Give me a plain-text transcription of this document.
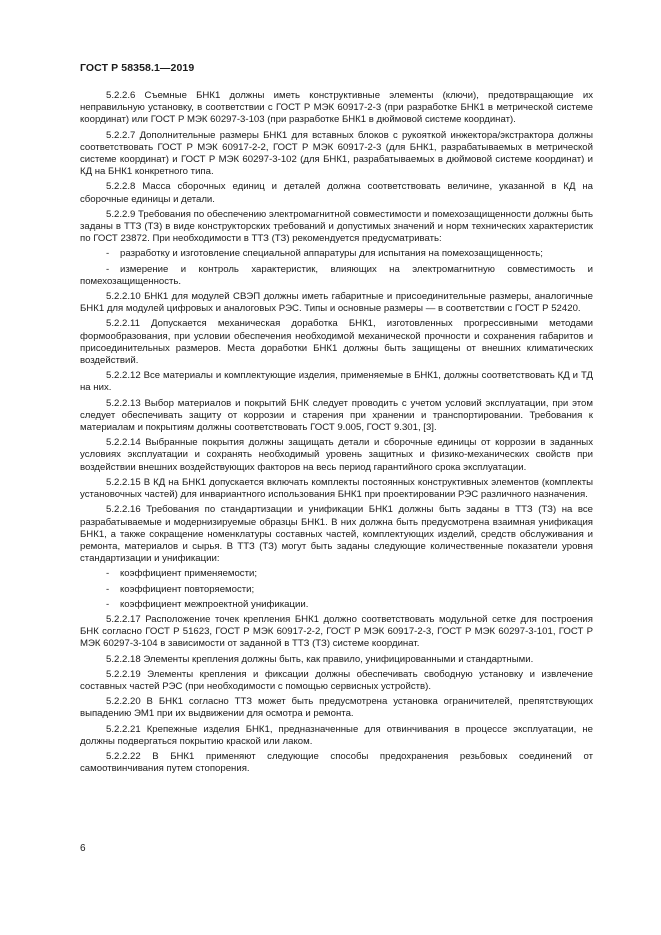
ГОСТ Р 58358.1—2019

5.2.2.6 Съемные БНК1 должны иметь конструктивные элементы (ключи), предотвращающие их неправильную установку, в соответствии с ГОСТ Р МЭК 60917-2-3 (при разработке БНК1 в метрической системе координат) или ГОСТ Р МЭК 60297-3-103 (при разработке БНК1 в дюймовой системе координат).

5.2.2.7 Дополнительные размеры БНК1 для вставных блоков с рукояткой инжектора/экстрактора должны соответствовать ГОСТ Р МЭК 60917-2-2, ГОСТ Р МЭК 60917-2-3 (для БНК1, разрабатываемых в метрической системе координат) и ГОСТ Р МЭК 60297-3-102 (для БНК1, разрабатываемых в дюймовой системе координат) и КД на БНК1 конкретного типа.

5.2.2.8 Масса сборочных единиц и деталей должна соответствовать величине, указанной в КД на сборочные единицы и детали.

5.2.2.9 Требования по обеспечению электромагнитной совместимости и помехозащищенности должны быть заданы в ТТЗ (ТЗ) в виде конструкторских требований и допустимых значений и норм технических характеристик по ГОСТ 23872. При необходимости в ТТЗ (ТЗ) рекомендуется предусматривать:

- разработку и изготовление специальной аппаратуры для испытания на помехозащищенность;

- измерение и контроль характеристик, влияющих на электромагнитную совместимость и помехозащищенность.

5.2.2.10 БНК1 для модулей СВЭП должны иметь габаритные и присоединительные размеры, аналогичные БНК1 для модулей цифровых и аналоговых РЭС. Типы и основные размеры — в соответствии с ГОСТ Р 52420.

5.2.2.11 Допускается механическая доработка БНК1, изготовленных прогрессивными методами формообразования, при условии обеспечения необходимой механической прочности и сохранения габаритов и присоединительных размеров. Места доработки БНК1 должны быть защищены от внешних климатических воздействий.

5.2.2.12 Все материалы и комплектующие изделия, применяемые в БНК1, должны соответствовать КД и ТД на них.

5.2.2.13 Выбор материалов и покрытий БНК следует проводить с учетом условий эксплуатации, при этом следует обеспечивать защиту от коррозии и старения при хранении и транспортировании. Требования к материалам и покрытиям должны соответствовать ГОСТ 9.005, ГОСТ 9.301, [3].

5.2.2.14 Выбранные покрытия должны защищать детали и сборочные единицы от коррозии в заданных условиях эксплуатации и сохранять необходимый уровень защитных и физико-механических свойств при воздействии внешних воздействующих факторов на весь период гарантийного срока эксплуатации.

5.2.2.15 В КД на БНК1 допускается включать комплекты постоянных конструктивных элементов (комплекты установочных частей) для инвариантного использования БНК1 при проектировании РЭС различного назначения.

5.2.2.16 Требования по стандартизации и унификации БНК1 должны быть заданы в ТТЗ (ТЗ) на все разрабатываемые и модернизируемые образцы БНК1. В них должна быть предусмотрена взаимная унификация БНК1, а также сокращение номенклатуры составных частей, комплектующих изделий, средств обслуживания и ремонта, материалов и сырья. В ТТЗ (ТЗ) могут быть заданы следующие количественные показатели уровня стандартизации и унификации:

- коэффициент применяемости;

- коэффициент повторяемости;

- коэффициент межпроектной унификации.

5.2.2.17 Расположение точек крепления БНК1 должно соответствовать модульной сетке для построения БНК согласно ГОСТ Р 51623, ГОСТ Р МЭК 60917-2-2, ГОСТ Р МЭК 60917-2-3, ГОСТ Р МЭК 60297-3-101, ГОСТ Р МЭК 60297-3-104 в зависимости от заданной в ТТЗ (ТЗ) системе координат.

5.2.2.18 Элементы крепления должны быть, как правило, унифицированными и стандартными.

5.2.2.19 Элементы крепления и фиксации должны обеспечивать свободную установку и извлечение составных частей РЭС (при необходимости с помощью сервисных устройств).

5.2.2.20 В БНК1 согласно ТТЗ может быть предусмотрена установка ограничителей, препятствующих выпадению ЭМ1 при их выдвижении для осмотра и ремонта.

5.2.2.21 Крепежные изделия БНК1, предназначенные для отвинчивания в процессе эксплуатации, не должны подвергаться покрытию краской или лаком.

5.2.2.22 В БНК1 применяют следующие способы предохранения резьбовых соединений от самоотвинчивания путем стопорения.

6
